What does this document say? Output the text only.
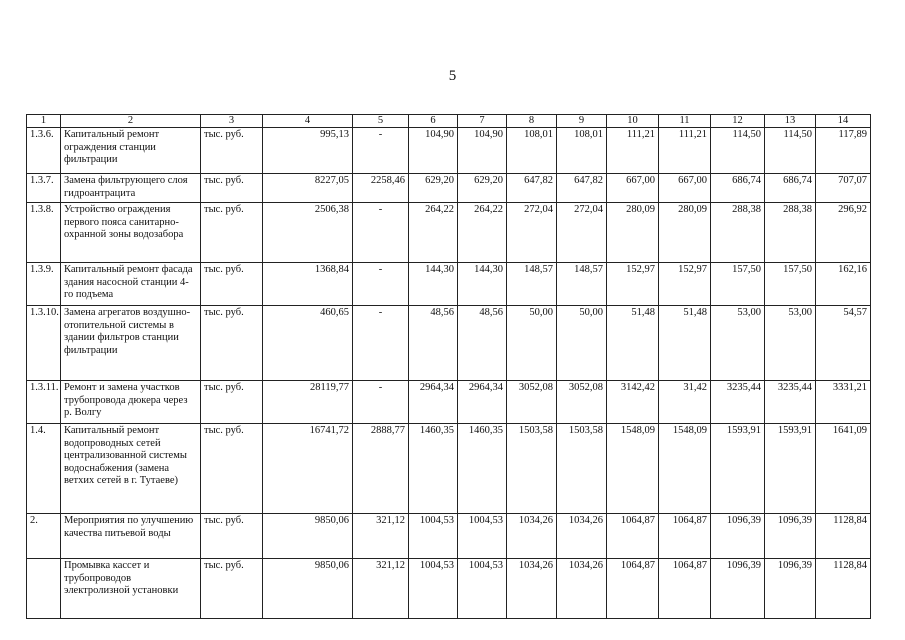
5
1	2	3	4	5	6	7	8	9	10	11	12	13	14
1.3.6.	Капитальный ремонт ограждения станции фильтрации	тыс. руб.	995,13	-	104,90	104,90	108,01	108,01	111,21	111,21	114,50	114,50	117,89
1.3.7.	Замена фильтрующего слоя гидроантрацита	тыс. руб.	8227,05	2258,46	629,20	629,20	647,82	647,82	667,00	667,00	686,74	686,74	707,07
1.3.8.	Устройство ограждения первого пояса санитарно-охранной зоны водозабора	тыс. руб.	2506,38	-	264,22	264,22	272,04	272,04	280,09	280,09	288,38	288,38	296,92
1.3.9.	Капитальный ремонт фасада здания насосной станции 4-го подъема	тыс. руб.	1368,84	-	144,30	144,30	148,57	148,57	152,97	152,97	157,50	157,50	162,16
1.3.10.	Замена агрегатов воздушно-отопительной системы в здании фильтров станции фильтрации	тыс. руб.	460,65	-	48,56	48,56	50,00	50,00	51,48	51,48	53,00	53,00	54,57
1.3.11.	Ремонт и замена участков трубопровода дюкера через р. Волгу	тыс. руб.	28119,77	-	2964,34	2964,34	3052,08	3052,08	3142,42	31,42	3235,44	3235,44	3331,21
1.4.	Капитальный ремонт водопроводных сетей централизованной системы водоснабжения (замена ветхих сетей в г. Тутаеве)	тыс. руб.	16741,72	2888,77	1460,35	1460,35	1503,58	1503,58	1548,09	1548,09	1593,91	1593,91	1641,09
2.	Мероприятия по улучшению качества питьевой воды	тыс. руб.	9850,06	321,12	1004,53	1004,53	1034,26	1034,26	1064,87	1064,87	1096,39	1096,39	1128,84
	Промывка кассет и трубопроводов электролизной установки	тыс. руб.	9850,06	321,12	1004,53	1004,53	1034,26	1034,26	1064,87	1064,87	1096,39	1096,39	1128,84
